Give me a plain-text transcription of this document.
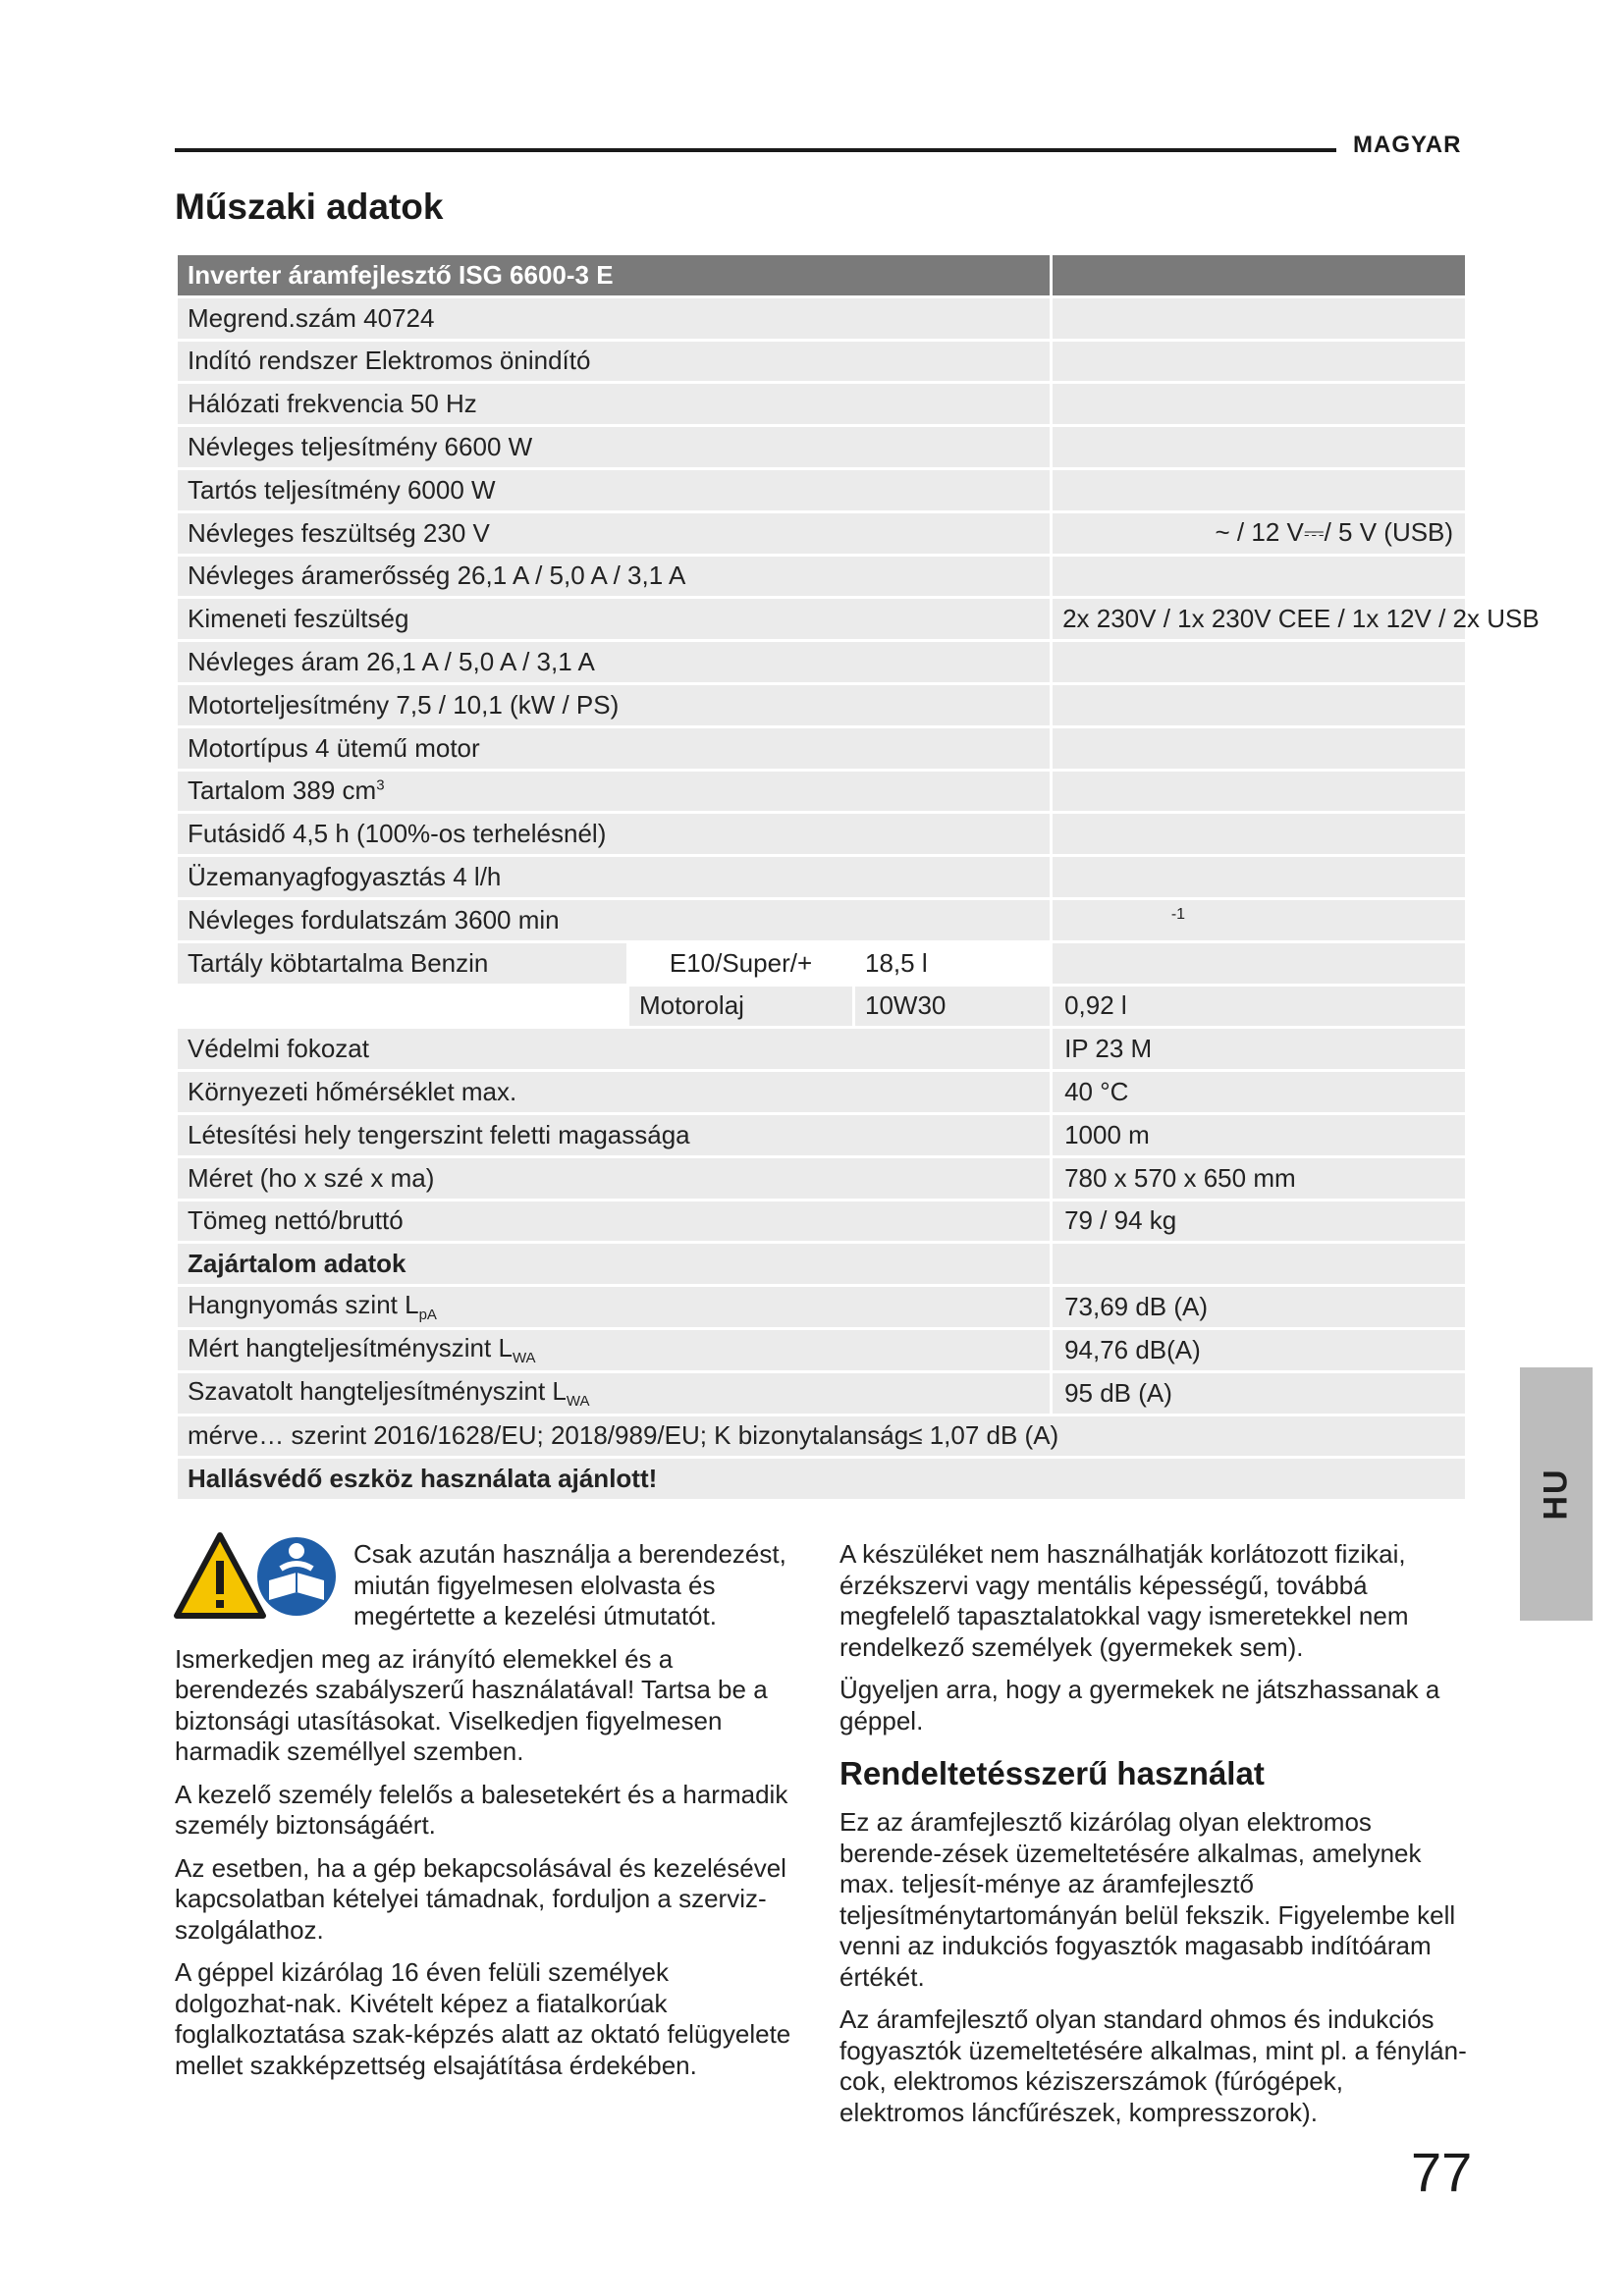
MAGYAR
Műszaki adatok
Inverter áramfejlesztő ISG 6600-3 E				
Megrend.szám 40724				
Indító rendszer Elektromos önindító				
Hálózati frekvencia 50 Hz				
Névleges teljesítmény 6600 W				
Tartós teljesítmény 6000 W				
Névleges feszültség 230 V				~ / 12 V⎓/ 5 V (USB)
Névleges áramerősség 26,1 A / 5,0 A / 3,1 A				
Kimeneti feszültség				2x 230V / 1x 230V CEE / 1x 12V / 2x USB
Névleges áram 26,1 A / 5,0 A / 3,1 A				
Motorteljesítmény 7,5 / 10,1 (kW / PS)				
Motortípus 4 ütemű motor				
Tartalom 389 $cm^3$	
Futásidő 4,5 h (100%-os terhelésnél)				
Üzemanyagfogyasztás 4 l/h				
Névleges fordulatszám 3600 min				-1
Tartály köbtartalma Benzin	E10/Super/+	18,5 l		
	Motorolaj	10W30		0,92 l
Védelmi fokozat				IP 23 M
Környezeti hőmérséklet max.				40 °C
Létesítési hely tengerszint feletti magassága				1000 m
Méret (ho x szé x ma)				780 x 570 x 650 mm
Tömeg nettó/bruttó				79 / 94 kg
Zajártalom adatok				
Hangnyomás szint $L_{pA}$				73,69 dB (A)
Mért hangteljesítményszint $L_{WA}$				94,76 dB(A)
Szavatolt hangteljesítményszint $L_{WA}$				95 dB (A)
mérve… szerint 2016/1628/EU; 2018/989/EU; K bizonytalanság≤ 1,07 dB (A)				
Hallásvédő eszköz használata ajánlott!					HU

Csak azután használja a berendezést, miután figyelmesen elolvasta és megértette a kezelési útmutatót.

Ismerkedjen meg az irányító elemekkel és a berendezés szabályszerű használatával! Tartsa be a biztonsági utasításokat. Viselkedjen figyelmesen harmadik személlyel szemben.

A kezelő személy felelős a balesetekért és a harmadik személy biztonságáért.

Az esetben, ha a gép bekapcsolásával és kezelésével kapcsolatban kételyei támadnak, forduljon a szerviz-szolgálathoz.

A géppel kizárólag 16 éven felüli személyek dolgozhat-nak. Kivételt képez a fiatalkorúak foglalkoztatása szak-képzés alatt az oktató felügyelete mellet szakképzettség elsajátítása érdekében.

A készüléket nem használhatják korlátozott fizikai, érzékszervi vagy mentális képességű, továbbá megfelelő tapasztalatokkal vagy ismeretekkel nem rendelkező személyek (gyermekek sem).

Ügyeljen arra, hogy a gyermekek ne játszhassanak a géppel.

Rendeltetésszerű használat

Ez az áramfejlesztő kizárólag olyan elektromos berende-zések üzemeltetésére alkalmas, amelynek max. teljesít-ménye az áramfejlesztő teljesítménytartományán belül fekszik. Figyelembe kell venni az indukciós fogyasztók magasabb indítóáram értékét.

Az áramfejlesztő olyan standard ohmos és indukciós fogyasztók üzemeltetésére alkalmas, mint pl. a fénylán-cok, elektromos kéziszerszámok (fúrógépek, elektromos láncfűrészek, kompresszorok).

77
